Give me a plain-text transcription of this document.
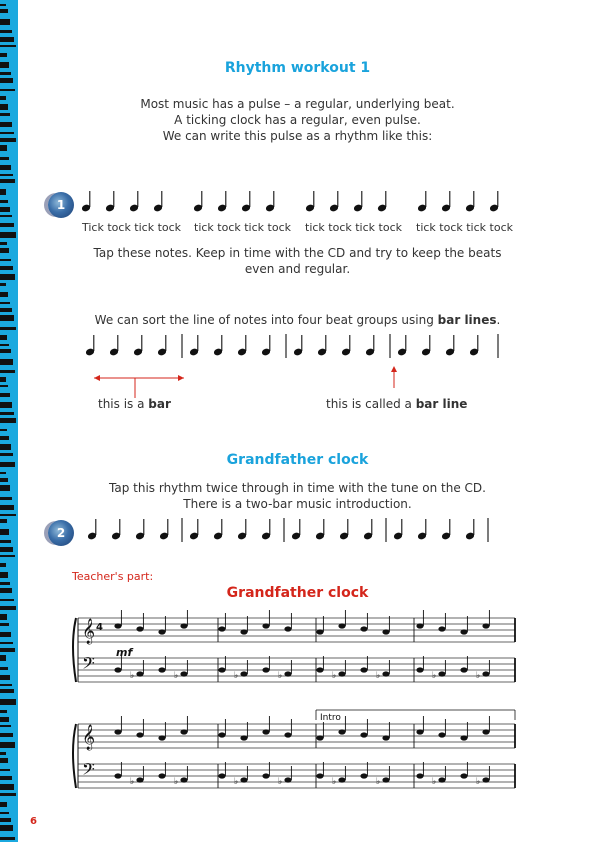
Rhythm workout 1
Most music has a pulse – a regular, underlying beat.
A ticking clock has a regular, even pulse.
We can write this pulse as a rhythm like this:
1
Tick tock tick tock tick tock tick tock tick tock tick tock tick tock tick tock
Tap these notes. Keep in time with the CD and try to keep the beats
even and regular.
We can sort the line of notes into four beat groups using bar lines.
this is a bar	this is called a bar line
Grandfather clock
Tap this rhythm twice through in time with the tune on the CD.
There is a two-bar music introduction.
2
Teacher's part:
Grandfather clock
𝄞
𝄢	♭	♭	♭	♭	♭	♭	♭	♭
4
mf
𝄞
𝄢	♭	♭	♭	♭	♭	♭	♭	♭
Intro
6
